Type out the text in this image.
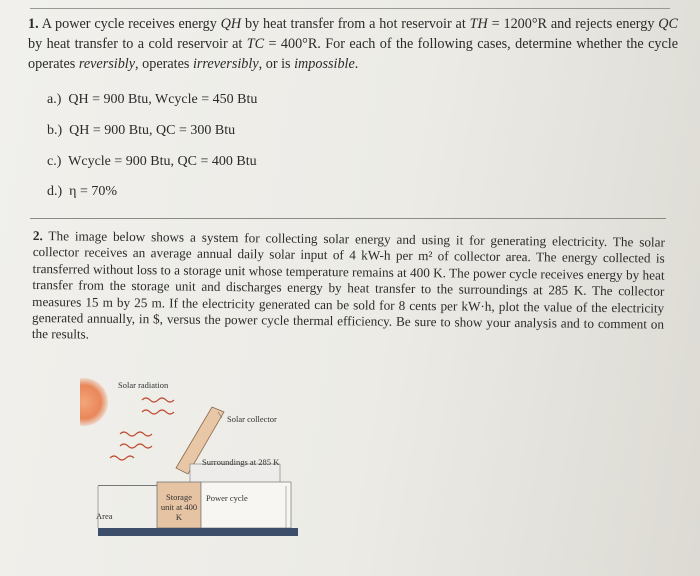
1. A power cycle receives energy QH by heat transfer from a hot reservoir at TH = 1200°R and rejects energy QC by heat transfer to a cold reservoir at TC = 400°R. For each of the following cases, determine whether the cycle operates reversibly, operates irreversibly, or is impossible.
a.) QH = 900 Btu, Wcycle = 450 Btu
b.) QH = 900 Btu, QC = 300 Btu
c.) Wcycle = 900 Btu, QC = 400 Btu
d.) η = 70%
2. The image below shows a system for collecting solar energy and using it for generating electricity. The solar collector receives an average annual daily solar input of 4 kW-h per m² of collector area. The energy collected is transferred without loss to a storage unit whose temperature remains at 400 K. The power cycle receives energy by heat transfer from the storage unit and discharges energy by heat transfer to the surroundings at 285 K. The collector measures 15 m by 25 m. If the electricity generated can be sold for 8 cents per kW·h, plot the value of the electricity generated annually, in $, versus the power cycle thermal efficiency. Be sure to show your analysis and to comment on the results.
Solar radiation
Solar collector
Surroundings at 285 K
Storage unit at 400 K
Power cycle
Area
